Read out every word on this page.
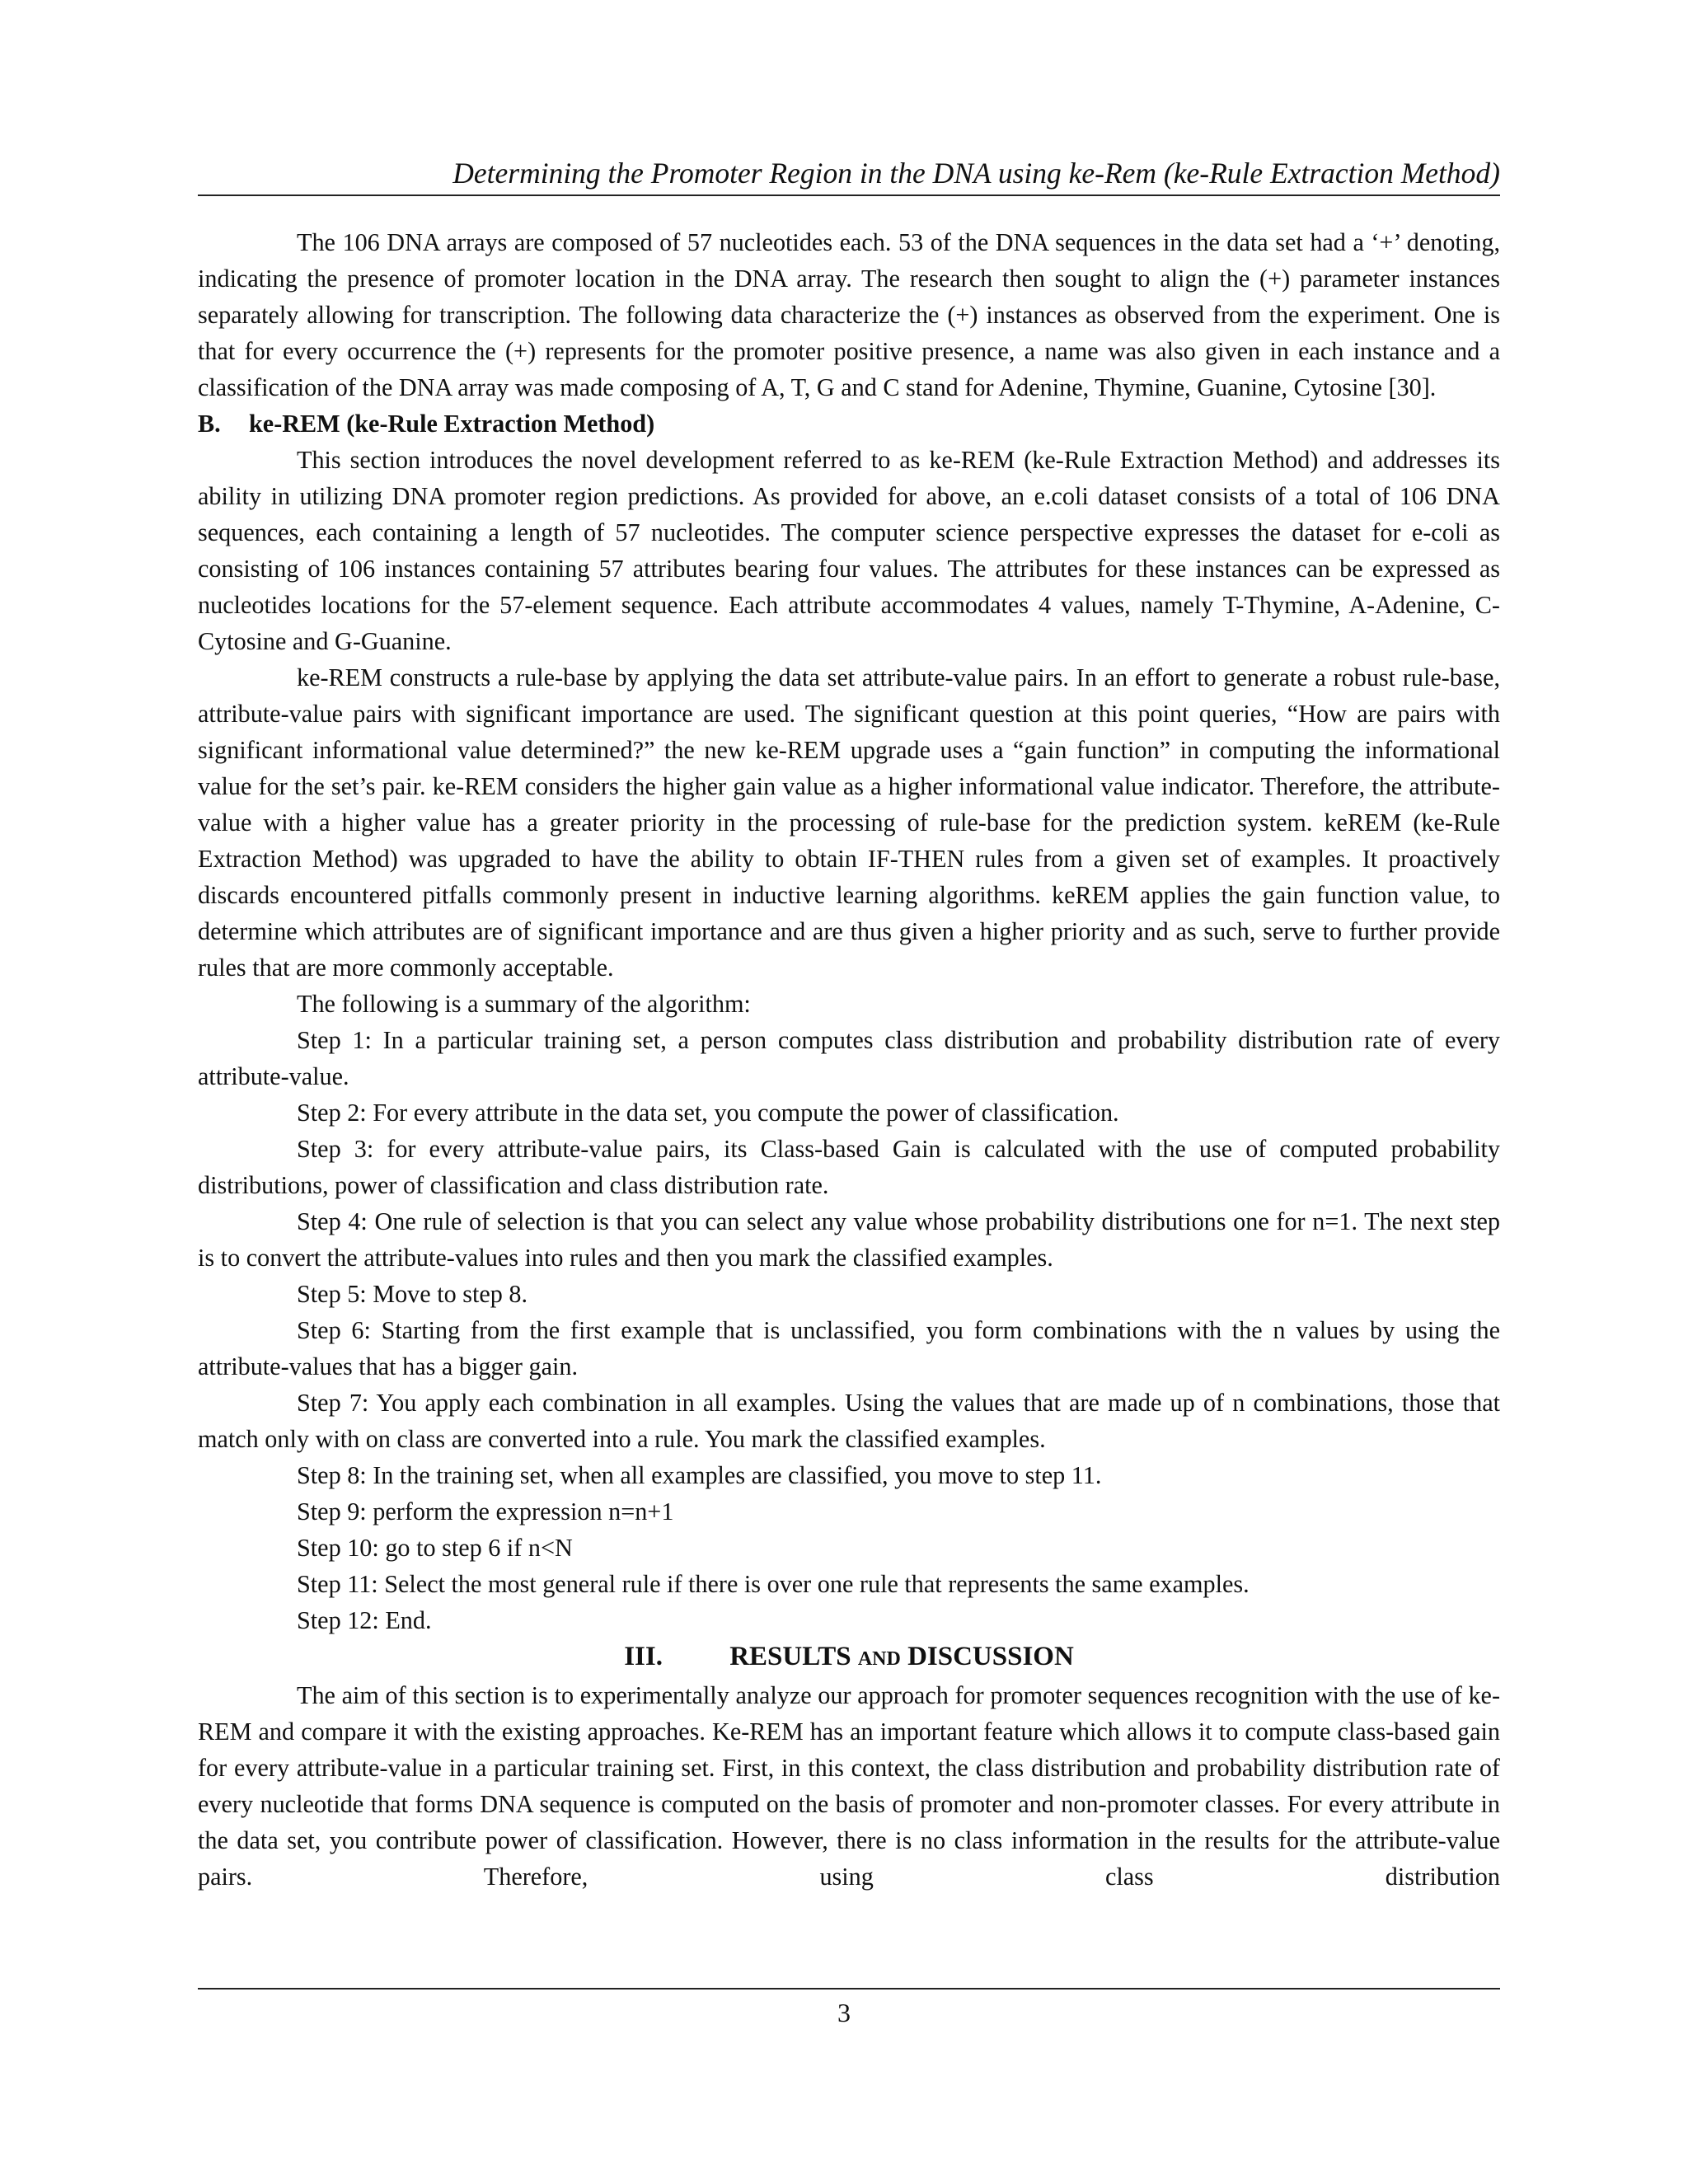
Determining the Promoter Region in the DNA using ke-Rem (ke-Rule Extraction Method)

The 106 DNA arrays are composed of 57 nucleotides each. 53 of the DNA sequences in the data set had a ‘+’ denoting, indicating the presence of promoter location in the DNA array. The research then sought to align the (+) parameter instances separately allowing for transcription. The following data characterize the (+) instances as observed from the experiment. One is that for every occurrence the (+) represents for the promoter positive presence, a name was also given in each instance and a classification of the DNA array was made composing of A, T, G and C stand for Adenine, Thymine, Guanine, Cytosine [30].

B. ke-REM (ke-Rule Extraction Method)

This section introduces the novel development referred to as ke-REM (ke-Rule Extraction Method) and addresses its ability in utilizing DNA promoter region predictions. As provided for above, an e.coli dataset consists of a total of 106 DNA sequences, each containing a length of 57 nucleotides. The computer science perspective expresses the dataset for e-coli as consisting of 106 instances containing 57 attributes bearing four values. The attributes for these instances can be expressed as nucleotides locations for the 57-element sequence. Each attribute accommodates 4 values, namely T-Thymine, A-Adenine, C-Cytosine and G-Guanine.

ke-REM constructs a rule-base by applying the data set attribute-value pairs. In an effort to generate a robust rule-base, attribute-value pairs with significant importance are used. The significant question at this point queries, “How are pairs with significant informational value determined?” the new ke-REM upgrade uses a “gain function” in computing the informational value for the set’s pair. ke-REM considers the higher gain value as a higher informational value indicator. Therefore, the attribute-value with a higher value has a greater priority in the processing of rule-base for the prediction system. keREM (ke-Rule Extraction Method) was upgraded to have the ability to obtain IF-THEN rules from a given set of examples. It proactively discards encountered pitfalls commonly present in inductive learning algorithms. keREM applies the gain function value, to determine which attributes are of significant importance and are thus given a higher priority and as such, serve to further provide rules that are more commonly acceptable.

The following is a summary of the algorithm:

Step 1: In a particular training set, a person computes class distribution and probability distribution rate of every attribute-value.

Step 2: For every attribute in the data set, you compute the power of classification.

Step 3: for every attribute-value pairs, its Class-based Gain is calculated with the use of computed probability distributions, power of classification and class distribution rate.

Step 4: One rule of selection is that you can select any value whose probability distributions one for n=1. The next step is to convert the attribute-values into rules and then you mark the classified examples.

Step 5: Move to step 8.

Step 6: Starting from the first example that is unclassified, you form combinations with the n values by using the attribute-values that has a bigger gain.

Step 7: You apply each combination in all examples. Using the values that are made up of n combinations, those that match only with on class are converted into a rule. You mark the classified examples.

Step 8: In the training set, when all examples are classified, you move to step 11.

Step 9: perform the expression n=n+1

Step 10: go to step 6 if n<N

Step 11: Select the most general rule if there is over one rule that represents the same examples.

Step 12: End.

III. RESULTS AND DISCUSSION

The aim of this section is to experimentally analyze our approach for promoter sequences recognition with the use of ke-REM and compare it with the existing approaches. Ke-REM has an important feature which allows it to compute class-based gain for every attribute-value in a particular training set. First, in this context, the class distribution and probability distribution rate of every nucleotide that forms DNA sequence is computed on the basis of promoter and non-promoter classes. For every attribute in the data set, you contribute power of classification. However, there is no class information in the results for the attribute-value pairs. Therefore, using class distribution

3
